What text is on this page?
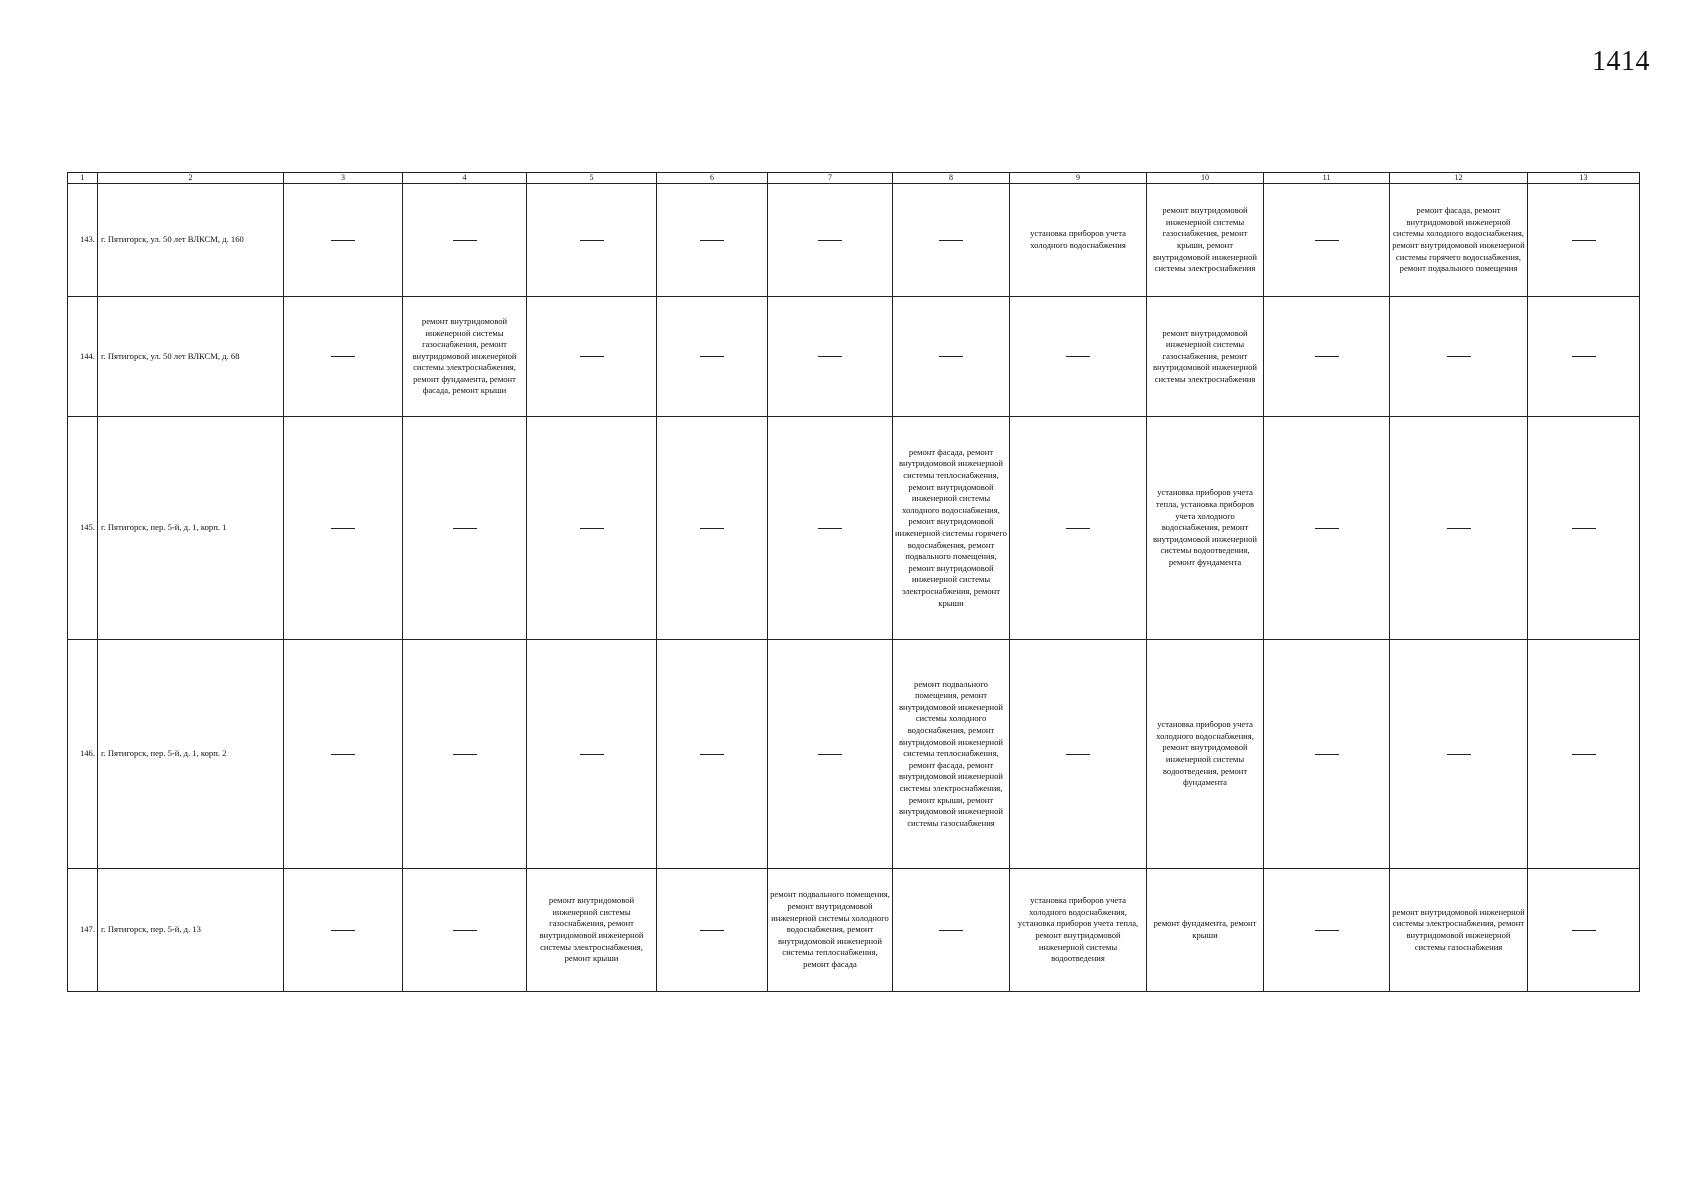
1414
1	2	3	4	5	6	7	8	9	10	11	12	13
143.	г. Пятигорск, ул. 50 лет ВЛКСМ, д. 160							установка приборов учета холодного водоснабжения	ремонт внутридомовой инженерной системы газоснабжения, ремонт крыши, ремонт внутридомовой инженерной системы электроснабжения		ремонт фасада, ремонт внутридомовой инженерной системы холодного водоснабжения, ремонт внутридомовой инженерной системы горячего водоснабжения, ремонт подвального помещения	
144.	г. Пятигорск, ул. 50 лет ВЛКСМ, д. 68		ремонт внутридомовой инженерной системы газоснабжения, ремонт внутридомовой инженерной системы электроснабжения, ремонт фундамента, ремонт фасада, ремонт крыши						ремонт внутридомовой инженерной системы газоснабжения, ремонт внутридомовой инженерной системы электроснабжения			
145.	г. Пятигорск, пер. 5-й, д. 1, корп. 1						ремонт фасада, ремонт внутридомовой инженерной системы теплоснабжения, ремонт внутридомовой инженерной системы холодного водоснабжения, ремонт внутридомовой инженерной системы горячего водоснабжения, ремонт подвального помещения, ремонт внутридомовой инженерной системы электроснабжения, ремонт крыши		установка приборов учета тепла, установка приборов учета холодного водоснабжения, ремонт внутридомовой инженерной системы водоотведения, ремонт фундамента			
146.	г. Пятигорск, пер. 5-й, д. 1, корп. 2						ремонт подвального помещения, ремонт внутридомовой инженерной системы холодного водоснабжения, ремонт внутридомовой инженерной системы теплоснабжения, ремонт фасада, ремонт внутридомовой инженерной системы электроснабжения, ремонт крыши, ремонт внутридомовой инженерной системы газоснабжения		установка приборов учета холодного водоснабжения, ремонт внутридомовой инженерной системы водоотведения, ремонт фундамента			
147.	г. Пятигорск, пер. 5-й, д. 13			ремонт внутридомовой инженерной системы газоснабжения, ремонт внутридомовой инженерной системы электроснабжения, ремонт крыши		ремонт подвального помещения, ремонт внутридомовой инженерной системы холодного водоснабжения, ремонт внутридомовой инженерной системы теплоснабжения, ремонт фасада		установка приборов учета холодного водоснабжения, установка приборов учета тепла, ремонт внутридомовой инженерной системы водоотведения	ремонт фундамента, ремонт крыши		ремонт внутридомовой инженерной системы электроснабжения, ремонт внутридомовой инженерной системы газоснабжения	
